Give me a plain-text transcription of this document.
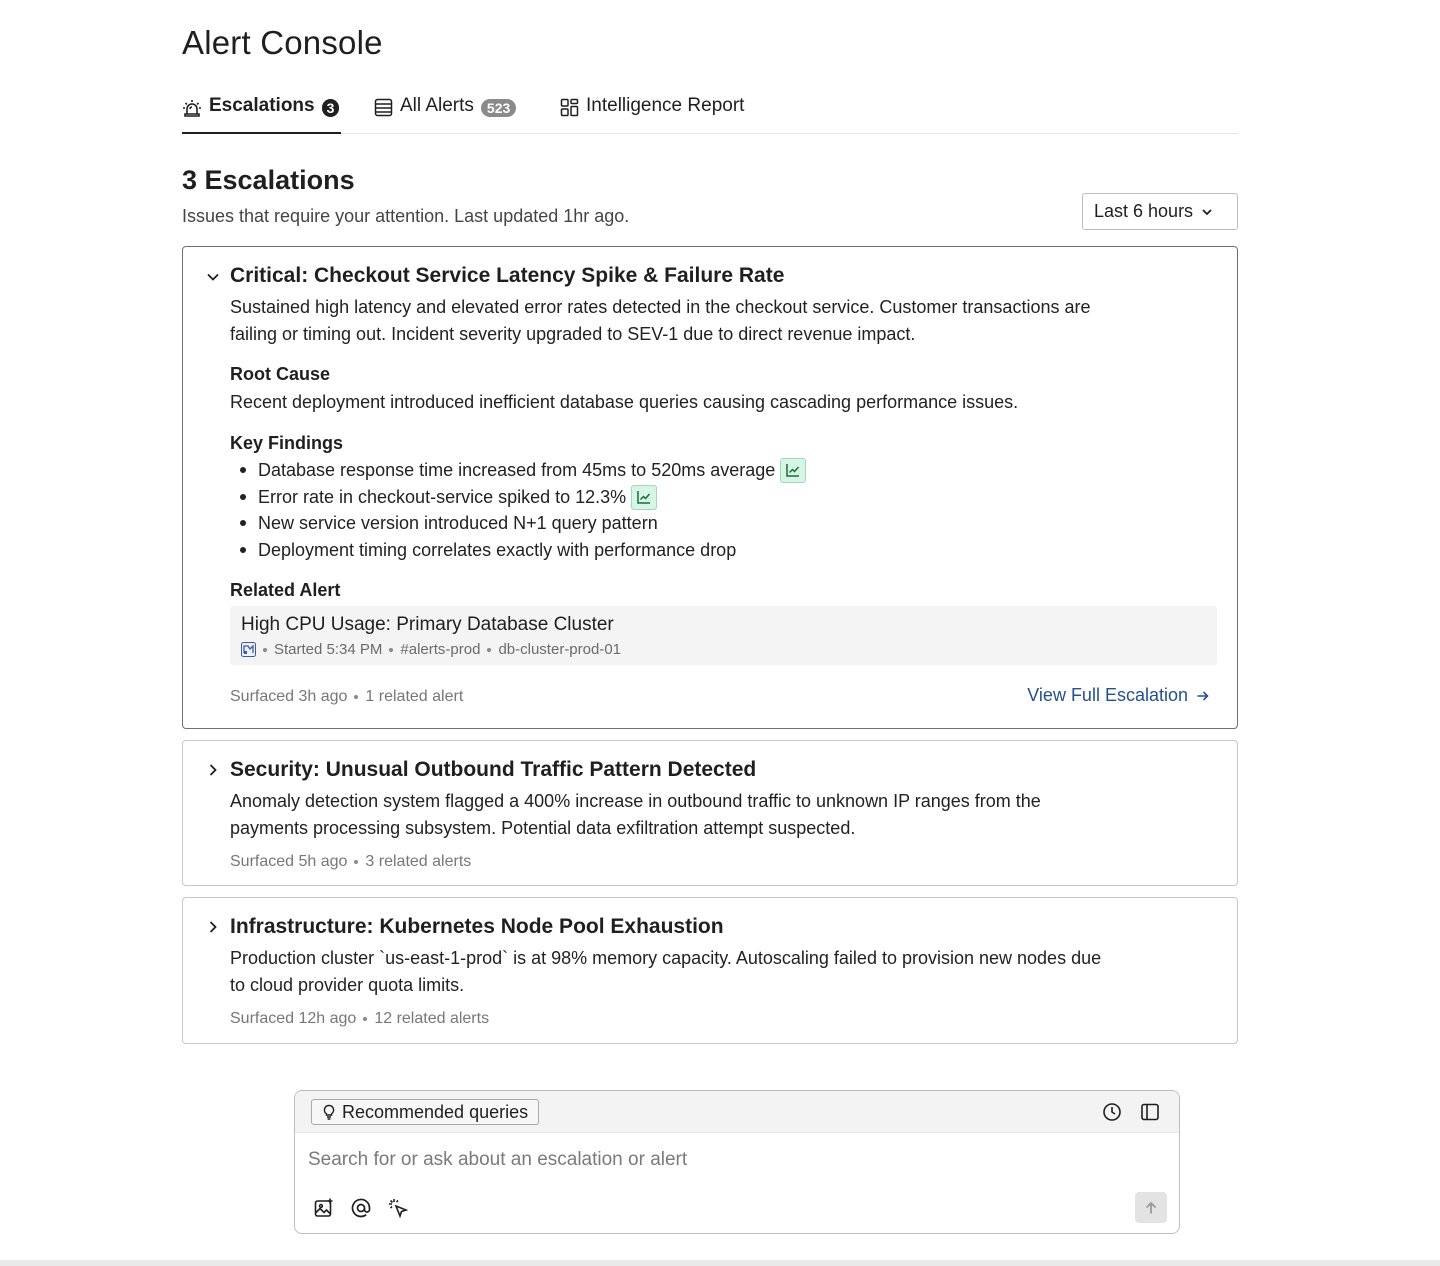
Alert Console
Escalations 3	All Alerts 523	Intelligence Report
3 Escalations

Issues that require your attention. Last updated 1hr ago.	Last 6 hours
Critical: Checkout Service Latency Spike & Failure Rate
Sustained high latency and elevated error rates detected in the checkout service. Customer transactions are
failing or timing out. Incident severity upgraded to SEV-1 due to direct revenue impact.
Root Cause
Recent deployment introduced inefficient database queries causing cascading performance issues.
Key Findings
Database response time increased from 45ms to 520ms average
Error rate in checkout-service spiked to 12.3%
New service version introduced N+1 query pattern
Deployment timing correlates exactly with performance drop
Related Alert
High CPU Usage: Primary Database Cluster
Started 5:34 PM #alerts-prod db-cluster-prod-01
Surfaced 3h ago 1 related alert	View Full Escalation
Security: Unusual Outbound Traffic Pattern Detected
Anomaly detection system flagged a 400% increase in outbound traffic to unknown IP ranges from the
payments processing subsystem. Potential data exfiltration attempt suspected.
Surfaced 5h ago 3 related alerts
Infrastructure: Kubernetes Node Pool Exhaustion
Production cluster `us-east-1-prod` is at 98% memory capacity. Autoscaling failed to provision new nodes due
to cloud provider quota limits.
Surfaced 12h ago 12 related alerts
Recommended queries
Search for or ask about an escalation or alert
